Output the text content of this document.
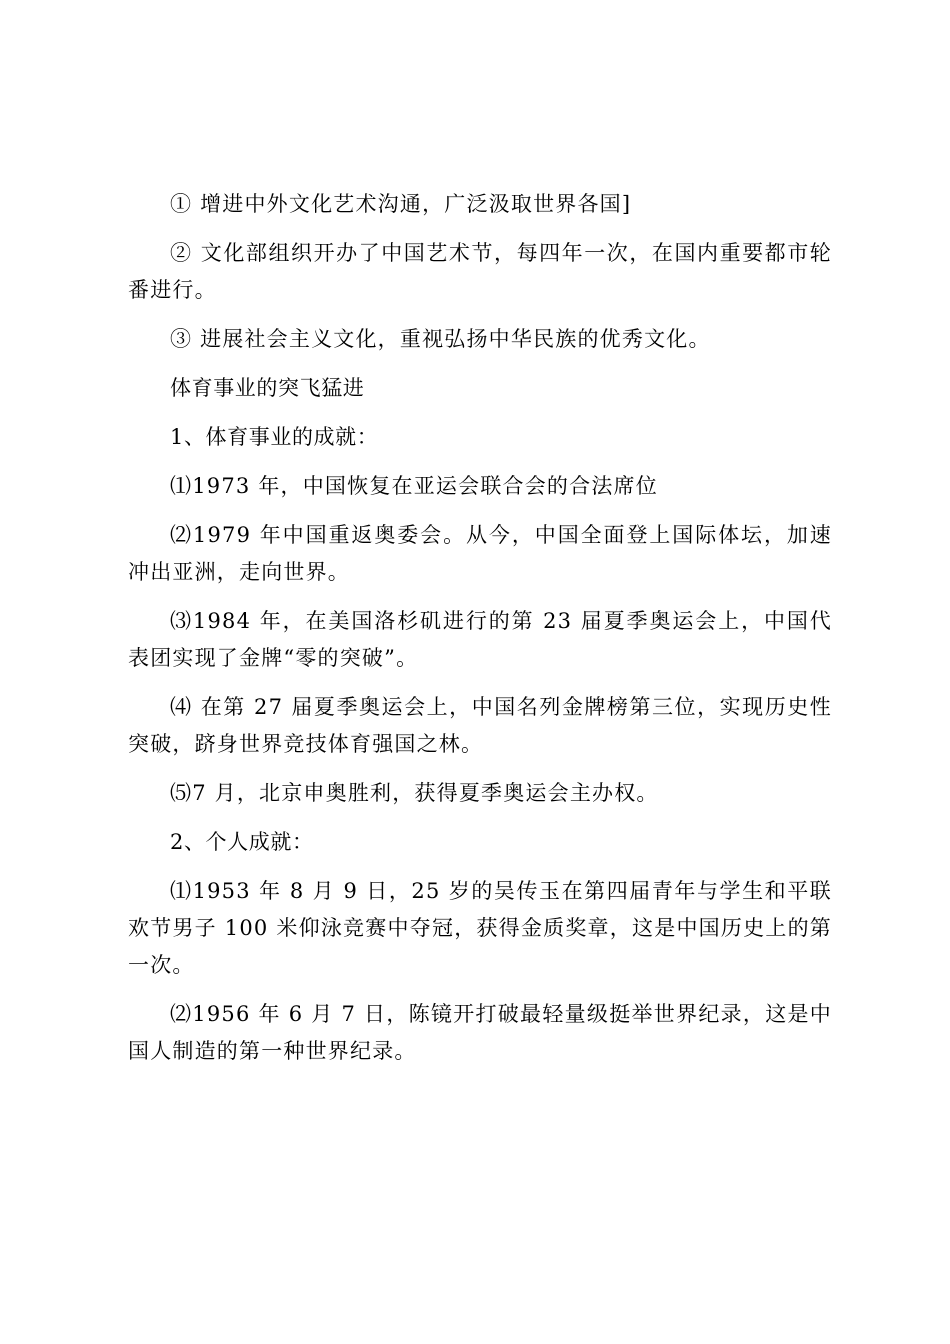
① 增进中外文化艺术沟通，广泛汲取世界各国]

② 文化部组织开办了中国艺术节，每四年一次，在国内重要都市轮番进行。

③ 进展社会主义文化，重视弘扬中华民族的优秀文化。

体育事业的突飞猛进

1、体育事业的成就：

⑴1973 年，中国恢复在亚运会联合会的合法席位

⑵1979 年中国重返奥委会。从今，中国全面登上国际体坛，加速冲出亚洲，走向世界。

⑶1984 年，在美国洛杉矶进行的第 23 届夏季奥运会上，中国代表团实现了金牌“零的突破”。

⑷ 在第 27 届夏季奥运会上，中国名列金牌榜第三位，实现历史性突破，跻身世界竞技体育强国之林。

⑸7 月，北京申奥胜利，获得夏季奥运会主办权。

2、个人成就：

⑴1953 年 8 月 9 日，25 岁的吴传玉在第四届青年与学生和平联欢节男子 100 米仰泳竞赛中夺冠，获得金质奖章，这是中国历史上的第一次。

⑵1956 年 6 月 7 日，陈镜开打破最轻量级挺举世界纪录，这是中国人制造的第一种世界纪录。
